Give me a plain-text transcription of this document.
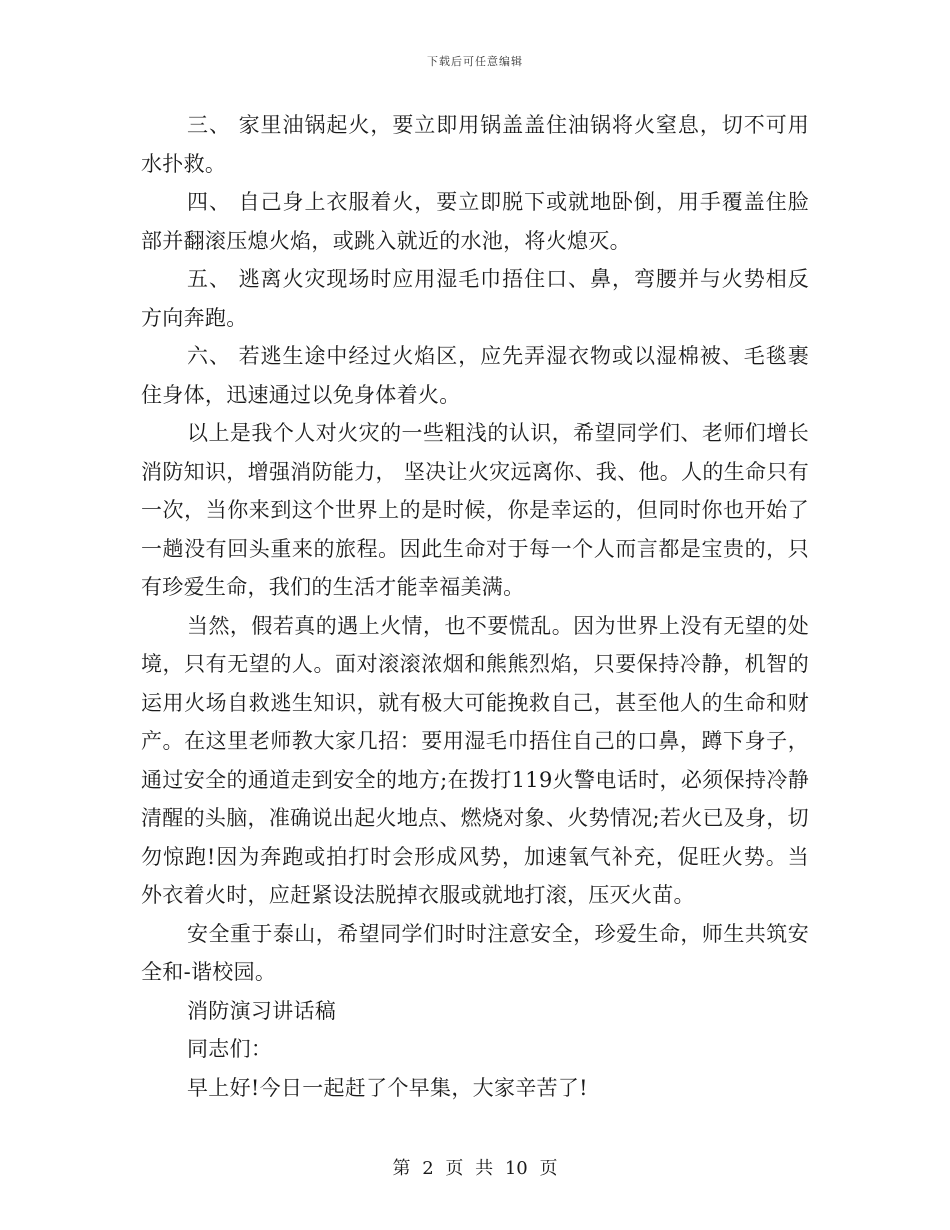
下载后可任意编辑

三、 家里油锅起火，要立即用锅盖盖住油锅将火窒息，切不可用水扑救。

四、 自己身上衣服着火，要立即脱下或就地卧倒，用手覆盖住脸部并翻滚压熄火焰，或跳入就近的水池，将火熄灭。

五、 逃离火灾现场时应用湿毛巾捂住口、鼻，弯腰并与火势相反方向奔跑。

六、 若逃生途中经过火焰区，应先弄湿衣物或以湿棉被、毛毯裹住身体，迅速通过以免身体着火。

以上是我个人对火灾的一些粗浅的认识，希望同学们、老师们增长消防知识，增强消防能力， 坚决让火灾远离你、我、他。人的生命只有一次，当你来到这个世界上的是时候，你是幸运的，但同时你也开始了一趟没有回头重来的旅程。因此生命对于每一个人而言都是宝贵的，只有珍爱生命，我们的生活才能幸福美满。

当然，假若真的遇上火情，也不要慌乱。因为世界上没有无望的处境，只有无望的人。面对滚滚浓烟和熊熊烈焰，只要保持冷静，机智的运用火场自救逃生知识，就有极大可能挽救自己，甚至他人的生命和财产。在这里老师教大家几招：要用湿毛巾捂住自己的口鼻，蹲下身子，通过安全的通道走到安全的地方;在拨打119火警电话时，必须保持冷静清醒的头脑，准确说出起火地点、燃烧对象、火势情况;若火已及身，切勿惊跑!因为奔跑或拍打时会形成风势，加速氧气补充，促旺火势。当外衣着火时，应赶紧设法脱掉衣服或就地打滚，压灭火苗。

安全重于泰山，希望同学们时时注意安全，珍爱生命，师生共筑安全和-谐校园。

消防演习讲话稿

同志们：

早上好!今日一起赶了个早集，大家辛苦了!

第 2 页 共 10 页
